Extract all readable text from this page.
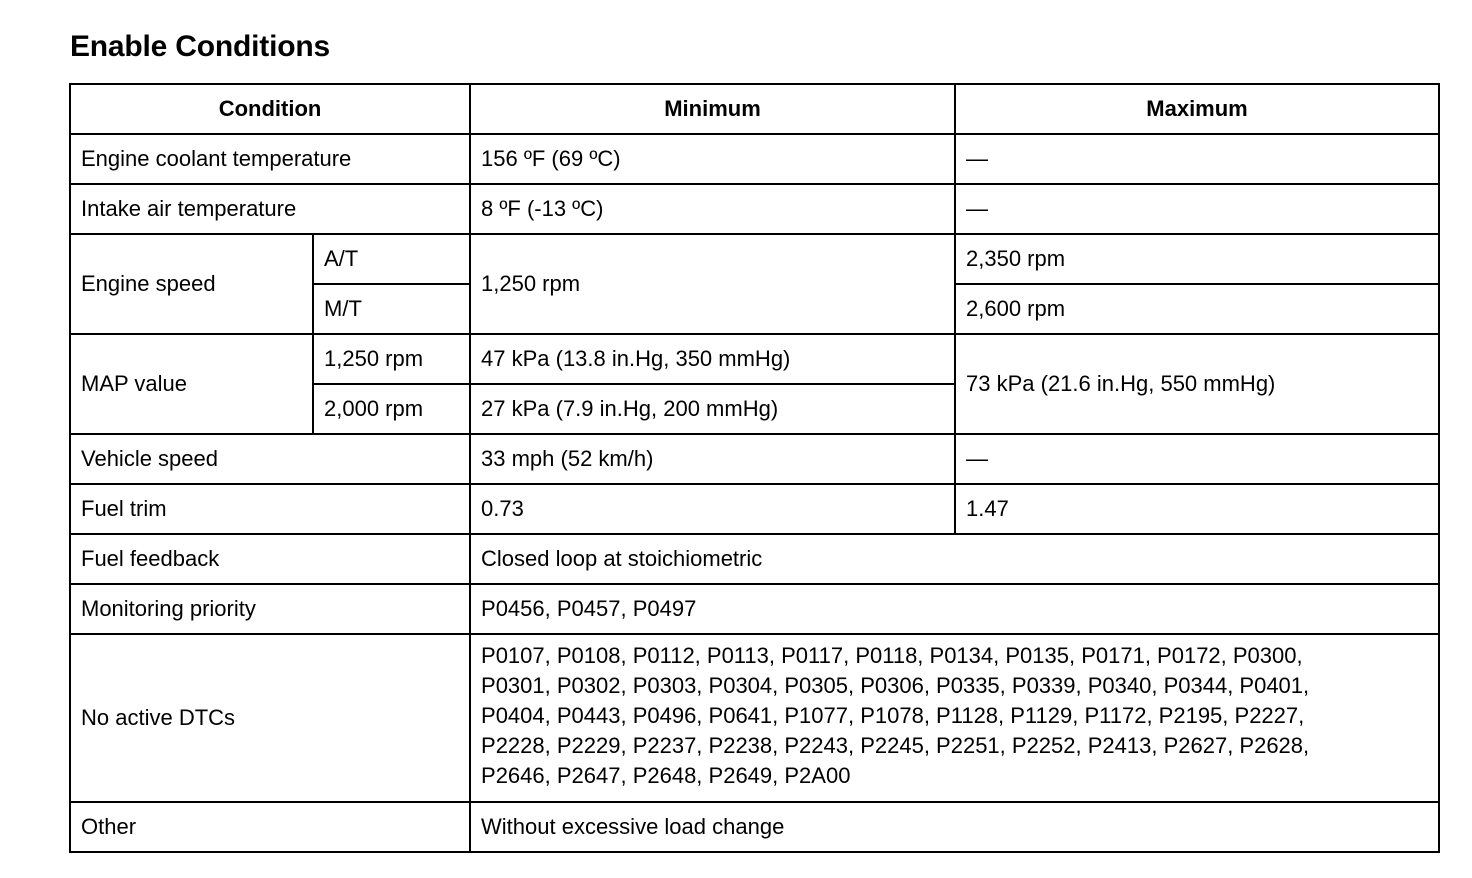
Enable Conditions
Condition		Minimum	Maximum
Engine coolant temperature		156 ºF (69 ºC)	—
Intake air temperature		8 ºF (-13 ºC)	—
Engine speed	A/T	1,250 rpm	2,350 rpm
	M/T		2,600 rpm
MAP value	1,250 rpm	47 kPa (13.8 in.Hg, 350 mmHg)	73 kPa (21.6 in.Hg, 550 mmHg)
	2,000 rpm	27 kPa (7.9 in.Hg, 200 mmHg)	
Vehicle speed		33 mph (52 km/h)	—
Fuel trim		0.73	1.47
Fuel feedback		Closed loop at stoichiometric	
Monitoring priority		P0456, P0457, P0497	
No active DTCs		P0107, P0108, P0112, P0113, P0117, P0118, P0134, P0135, P0171, P0172, P0300,
P0301, P0302, P0303, P0304, P0305, P0306, P0335, P0339, P0340, P0344, P0401,
P0404, P0443, P0496, P0641, P1077, P1078, P1128, P1129, P1172, P2195, P2227,
P2228, P2229, P2237, P2238, P2243, P2245, P2251, P2252, P2413, P2627, P2628,
P2646, P2647, P2648, P2649, P2A00	

Other		Without excessive load change	
